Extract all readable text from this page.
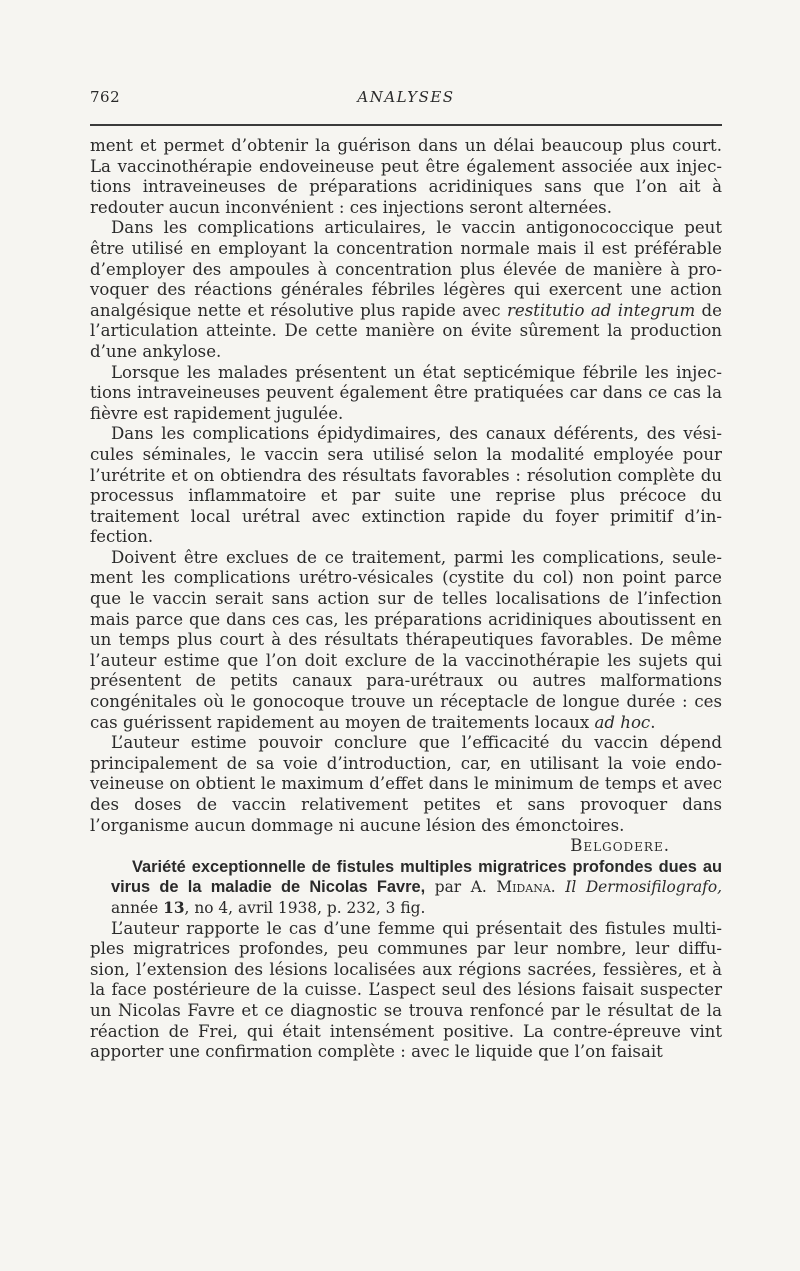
762	ANALYSES

ment et permet d’obtenir la guérison dans un délai beaucoup plus court. La vaccinothérapie endoveineuse peut être également associée aux injections intraveineuses de préparations acridiniques sans que l’on ait à redouter aucun inconvénient : ces injections seront alternées.

Dans les complications articulaires, le vaccin antigonococcique peut être utilisé en employant la concentration normale mais il est préférable d’employer des ampoules à concentration plus élevée de manière à provoquer des réactions générales fébriles légères qui exercent une action analgésique nette et résolutive plus rapide avec restitutio ad integrum de l’articulation atteinte. De cette manière on évite sûrement la production d’une ankylose.

Lorsque les malades présentent un état septicémique fébrile les injections intraveineuses peuvent également être pratiquées car dans ce cas la fièvre est rapidement jugulée.

Dans les complications épidydimaires, des canaux déférents, des vésicules séminales, le vaccin sera utilisé selon la modalité employée pour l’urétrite et on obtiendra des résultats favorables : résolution complète du processus inflammatoire et par suite une reprise plus précoce du traitement local urétral avec extinction rapide du foyer primitif d’infection.

Doivent être exclues de ce traitement, parmi les complications, seulement les complications urétro-vésicales (cystite du col) non point parce que le vaccin serait sans action sur de telles localisations de l’infection mais parce que dans ces cas, les préparations acridiniques aboutissent en un temps plus court à des résultats thérapeutiques favorables. De même l’auteur estime que l’on doit exclure de la vaccinothérapie les sujets qui présentent de petits canaux para-urétraux ou autres malformations congénitales où le gonocoque trouve un réceptacle de longue durée : ces cas guérissent rapidement au moyen de traitements locaux ad hoc.

L’auteur estime pouvoir conclure que l’efficacité du vaccin dépend principalement de sa voie d’introduction, car, en utilisant la voie endoveineuse on obtient le maximum d’effet dans le minimum de temps et avec des doses de vaccin relativement petites et sans provoquer dans l’organisme aucun dommage ni aucune lésion des émonctoires.

Belgodere.

Variété exceptionnelle de fistules multiples migratrices profondes dues au virus de la maladie de Nicolas Favre, par A. Midana. Il Dermosifilografo, année 13, no 4, avril 1938, p. 232, 3 fig.

L’auteur rapporte le cas d’une femme qui présentait des fistules multiples migratrices profondes, peu communes par leur nombre, leur diffusion, l’extension des lésions localisées aux régions sacrées, fessières, et à la face postérieure de la cuisse. L’aspect seul des lésions faisait suspecter un Nicolas Favre et ce diagnostic se trouva renfoncé par le résultat de la réaction de Frei, qui était intensément positive. La contre-épreuve vint apporter une confirmation complète : avec le liquide que l’on faisait
